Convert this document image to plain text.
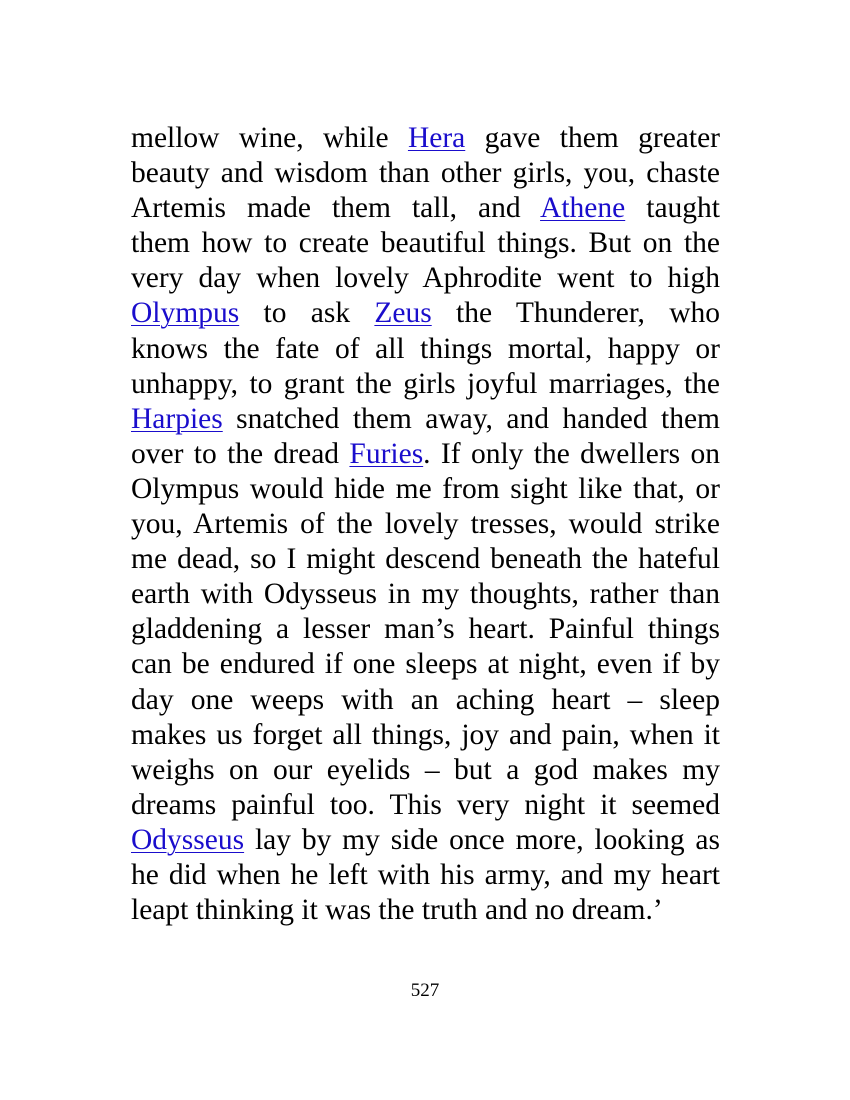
mellow wine, while Hera gave them greater
beauty and wisdom than other girls, you, chaste
Artemis made them tall, and Athene taught
them how to create beautiful things. But on the
very day when lovely Aphrodite went to high
Olympus to ask Zeus the Thunderer, who
knows the fate of all things mortal, happy or
unhappy, to grant the girls joyful marriages, the
Harpies snatched them away, and handed them
over to the dread Furies. If only the dwellers on
Olympus would hide me from sight like that, or
you, Artemis of the lovely tresses, would strike
me dead, so I might descend beneath the hateful
earth with Odysseus in my thoughts, rather than
gladdening a lesser man’s heart. Painful things
can be endured if one sleeps at night, even if by
day one weeps with an aching heart – sleep
makes us forget all things, joy and pain, when it
weighs on our eyelids – but a god makes my
dreams painful too. This very night it seemed
Odysseus lay by my side once more, looking as
he did when he left with his army, and my heart
leapt thinking it was the truth and no dream.’
527
